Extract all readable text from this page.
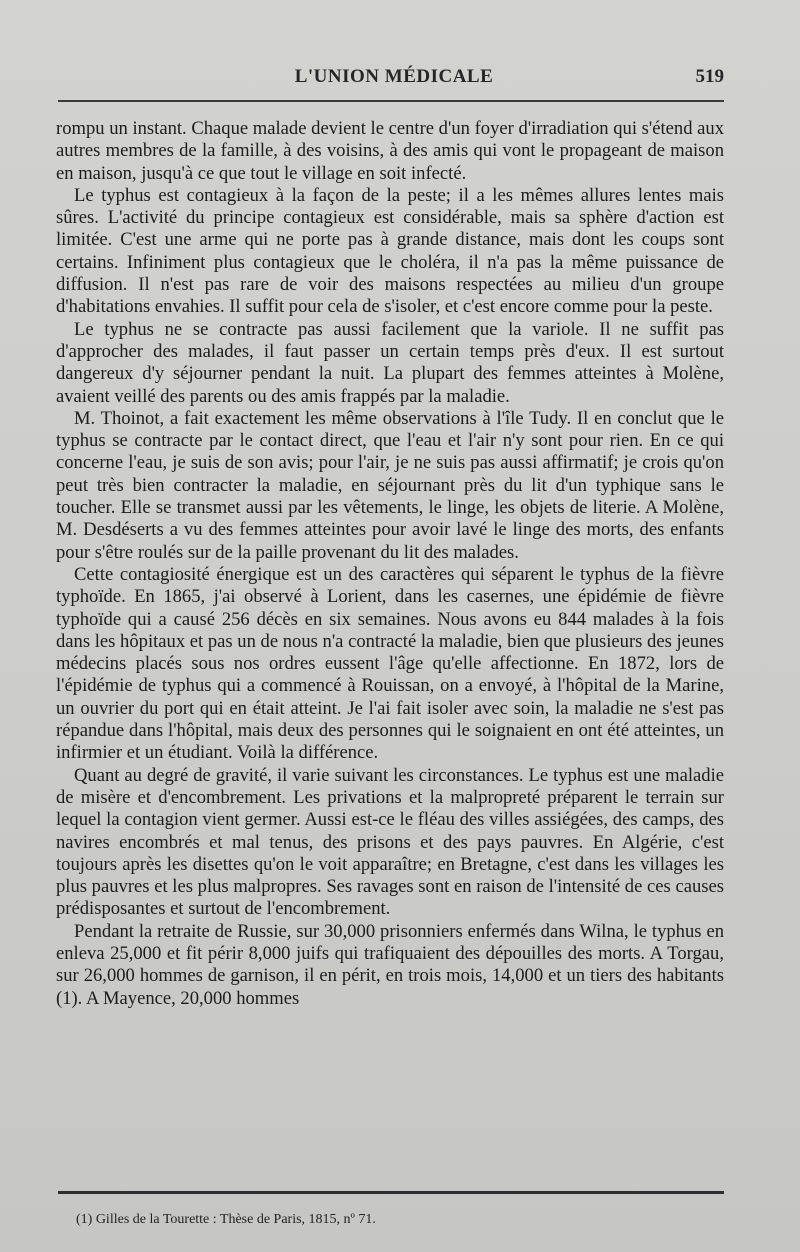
L'UNION MÉDICALE	519

rompu un instant. Chaque malade devient le centre d'un foyer d'irradiation qui s'étend aux autres membres de la famille, à des voisins, à des amis qui vont le propageant de maison en maison, jusqu'à ce que tout le village en soit infecté.

Le typhus est contagieux à la façon de la peste; il a les mêmes allures lentes mais sûres. L'activité du principe contagieux est considérable, mais sa sphère d'action est limitée. C'est une arme qui ne porte pas à grande distance, mais dont les coups sont certains. Infiniment plus contagieux que le choléra, il n'a pas la même puissance de diffusion. Il n'est pas rare de voir des maisons respectées au milieu d'un groupe d'habitations envahies. Il suffit pour cela de s'isoler, et c'est encore comme pour la peste.

Le typhus ne se contracte pas aussi facilement que la variole. Il ne suffit pas d'approcher des malades, il faut passer un certain temps près d'eux. Il est surtout dangereux d'y séjourner pendant la nuit. La plupart des femmes atteintes à Molène, avaient veillé des parents ou des amis frappés par la maladie.

M. Thoinot, a fait exactement les même observations à l'île Tudy. Il en conclut que le typhus se contracte par le contact direct, que l'eau et l'air n'y sont pour rien. En ce qui concerne l'eau, je suis de son avis; pour l'air, je ne suis pas aussi affirmatif; je crois qu'on peut très bien contracter la maladie, en séjournant près du lit d'un typhique sans le toucher. Elle se transmet aussi par les vêtements, le linge, les objets de literie. A Molène, M. Desdéserts a vu des femmes atteintes pour avoir lavé le linge des morts, des enfants pour s'être roulés sur de la paille provenant du lit des malades.

Cette contagiosité énergique est un des caractères qui séparent le typhus de la fièvre typhoïde. En 1865, j'ai observé à Lorient, dans les casernes, une épidémie de fièvre typhoïde qui a causé 256 décès en six semaines. Nous avons eu 844 malades à la fois dans les hôpitaux et pas un de nous n'a contracté la maladie, bien que plusieurs des jeunes médecins placés sous nos ordres eussent l'âge qu'elle affectionne. En 1872, lors de l'épidémie de typhus qui a commencé à Rouissan, on a envoyé, à l'hôpital de la Marine, un ouvrier du port qui en était atteint. Je l'ai fait isoler avec soin, la maladie ne s'est pas répandue dans l'hôpital, mais deux des personnes qui le soignaient en ont été atteintes, un infirmier et un étudiant. Voilà la différence.

Quant au degré de gravité, il varie suivant les circonstances. Le typhus est une maladie de misère et d'encombrement. Les privations et la malpropreté préparent le terrain sur lequel la contagion vient germer. Aussi est-ce le fléau des villes assiégées, des camps, des navires encombrés et mal tenus, des prisons et des pays pauvres. En Algérie, c'est toujours après les disettes qu'on le voit apparaître; en Bretagne, c'est dans les villages les plus pauvres et les plus malpropres. Ses ravages sont en raison de l'intensité de ces causes prédisposantes et surtout de l'encombrement.

Pendant la retraite de Russie, sur 30,000 prisonniers enfermés dans Wilna, le typhus en enleva 25,000 et fit périr 8,000 juifs qui trafiquaient des dépouilles des morts. A Torgau, sur 26,000 hommes de garnison, il en périt, en trois mois, 14,000 et un tiers des habitants (1). A Mayence, 20,000 hommes

(1) Gilles de la Tourette : Thèse de Paris, 1815, nº 71.
